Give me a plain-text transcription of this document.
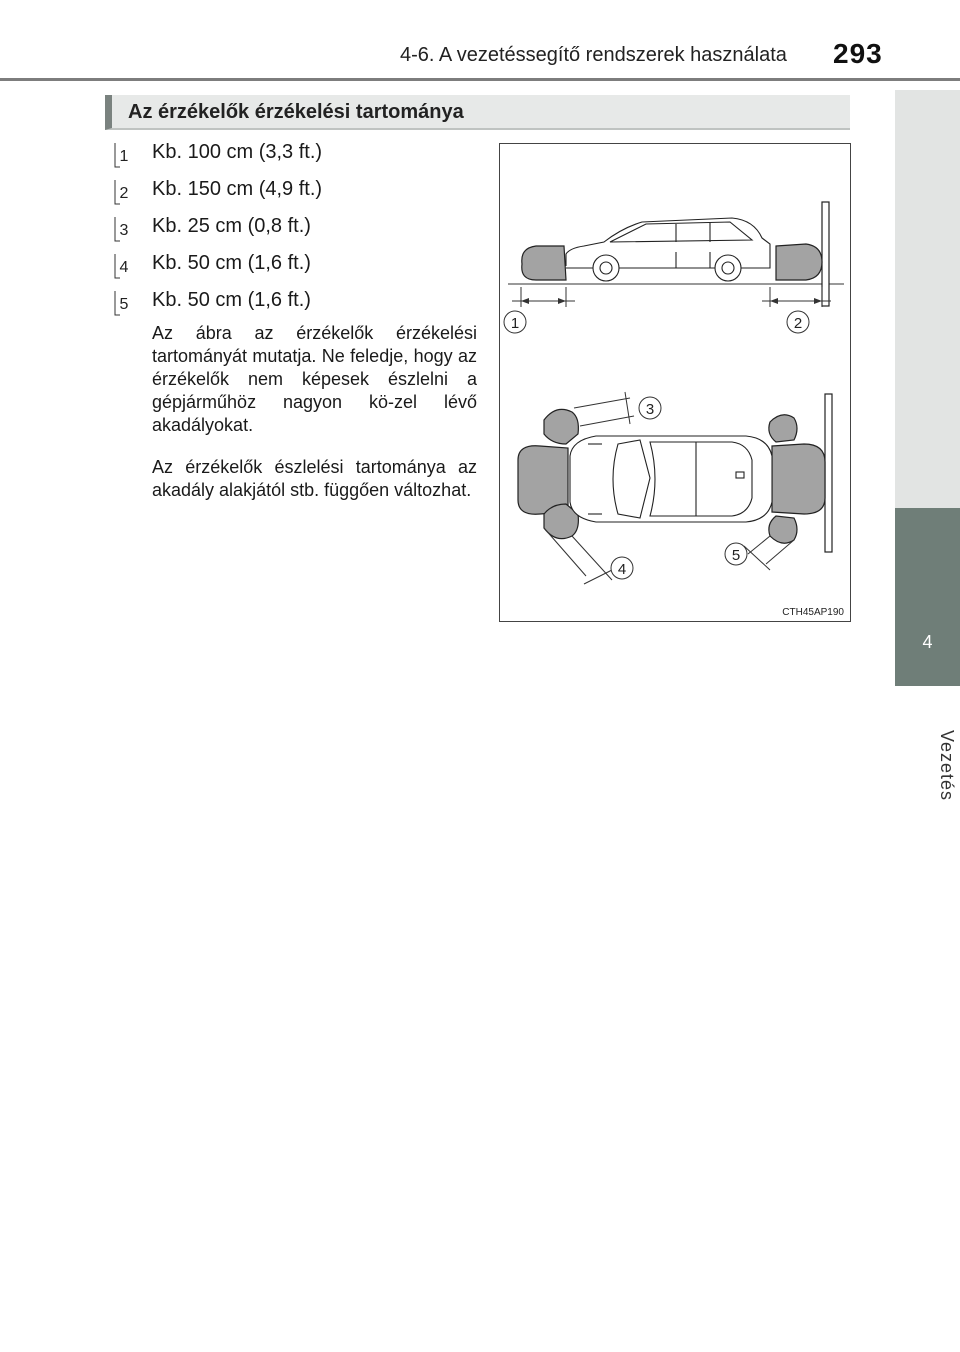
4-6. A vezetéssegítő rendszerek használata 293
4
Vezetés
Az érzékelők érzékelési tartománya
1 Kb. 100 cm (3,3 ft.)
2 Kb. 150 cm (4,9 ft.)
3 Kb. 25 cm (0,8 ft.)
4 Kb. 50 cm (1,6 ft.)
5 Kb. 50 cm (1,6 ft.)
Az ábra az érzékelők érzékelési tartományát mutatja. Ne feledje, hogy az érzékelők nem képesek észlelni a gépjárműhöz nagyon kö-zel lévő akadályokat.
Az érzékelők észlelési tartománya az akadály alakjától stb. függően változhat.
1	2
3
4
5
CTH45AP190
